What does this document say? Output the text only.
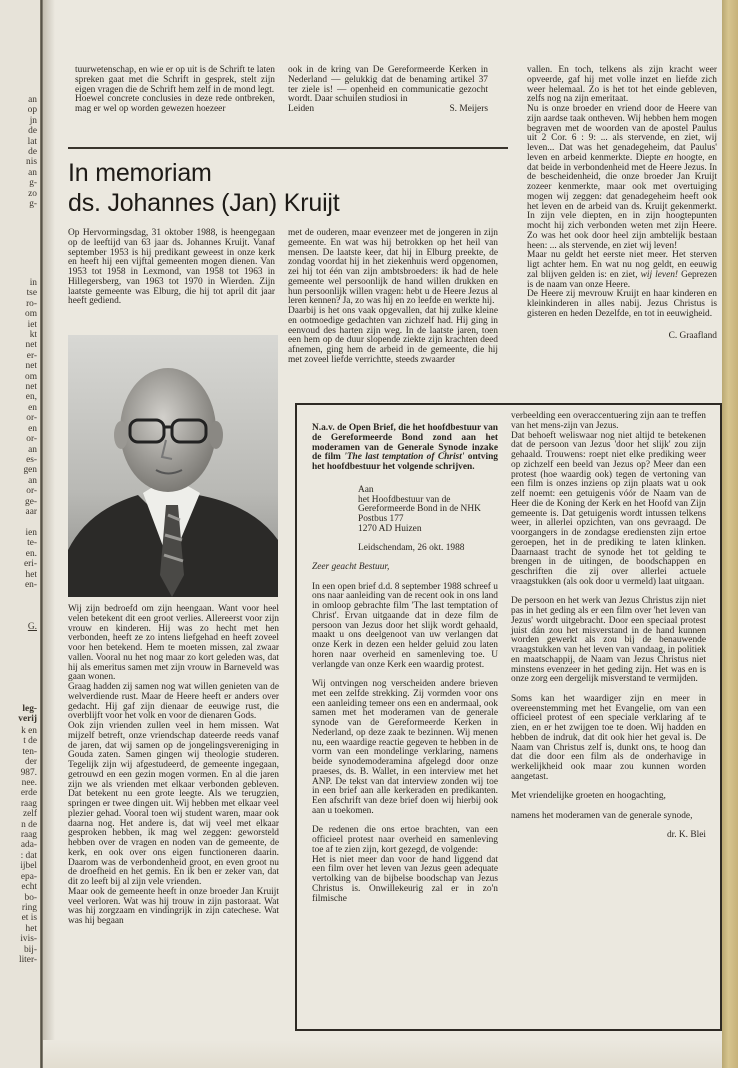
an
op
jn
de
lat
de
nis
an
g-
zo
g-
in
tse
ro-
om
iet
kt
net
er-
net
om
net
en,
en
or-
en
or-
an
es-
gen
an
or-
ge-
aar
ien
te-
en.
eri-
het
en-
G.
leg-
verij
k en
t de
ten-
der
987.
nee.
erde
raag
zelf
n de
raag
ada-
: dat
ijbel
epa-
echt
bo-
ring
et is
het
ivis-
bij-
liter-

tuurwetenschap, en wie er op uit is de Schrift te laten spreken gaat met die Schrift in gesprek, stelt zijn eigen vragen die de Schrift hem zelf in de mond legt.

Hoewel concrete conclusies in deze rede ontbreken, mag er wel op worden gewezen hoezeer

ook in de kring van De Gereformeerde Kerken in Nederland — gelukkig dat de benaming artikel 37 ter ziele is! — openheid en communicatie gezocht wordt. Daar schuilen studiosi in

Leiden	S. Meijers
In memoriam
ds. Johannes (Jan) Kruijt

Op Hervormingsdag, 31 oktober 1988, is heengegaan op de leeftijd van 63 jaar ds. Johannes Kruijt. Vanaf september 1953 is hij predikant geweest in onze kerk en heeft hij een vijftal gemeenten mogen dienen. Van 1953 tot 1958 in Lexmond, van 1958 tot 1963 in Hillegersberg, van 1963 tot 1970 in Wierden. Zijn laatste gemeente was Elburg, die hij tot april dit jaar heeft gediend.

Wij zijn bedroefd om zijn heengaan. Want voor heel velen betekent dit een groot verlies. Allereerst voor zijn vrouw en kinderen. Hij was zo hecht met hen verbonden, heeft ze zo intens liefgehad en heeft zoveel voor hen betekend. Hem te moeten missen, zal zwaar vallen. Vooral nu het nog maar zo kort geleden was, dat hij als emeritus samen met zijn vrouw in Barneveld was gaan wonen.

Graag hadden zij samen nog wat willen genieten van de welverdiende rust. Maar de Heere heeft er anders over gedacht. Hij gaf zijn dienaar de eeuwige rust, die overblijft voor het volk en voor de dienaren Gods.

Ook zijn vrienden zullen veel in hem missen. Wat mijzelf betreft, onze vriendschap dateerde reeds vanaf de jaren, dat wij samen op de jongelingsvereniging in Gouda zaten. Samen gingen wij theologie studeren. Tegelijk zijn wij afgestudeerd, de gemeente ingegaan, getrouwd en een gezin mogen vormen. En al die jaren zijn we als vrienden met elkaar verbonden gebleven. Dat betekent nu een grote leegte. Als we terugzien, springen er twee dingen uit. Wij hebben met elkaar veel plezier gehad. Vooral toen wij student waren, maar ook daarna nog. Het andere is, dat wij veel met elkaar gesproken hebben, ik mag wel zeggen: geworsteld hebben over de vragen en noden van de gemeente, de kerk, en ook over ons eigen functioneren daarin. Daarom was de verbondenheid groot, en even groot nu de droefheid en het gemis. En ik ben er zeker van, dat dit zo leeft bij al zijn vele vrienden.

Maar ook de gemeente heeft in onze broeder Jan Kruijt veel verloren. Wat was hij trouw in zijn pastoraat. Wat was hij zorgzaam en vindingrijk in zijn catechese. Wat was hij begaan

met de ouderen, maar evenzeer met de jongeren in zijn gemeente. En wat was hij betrokken op het heil van mensen. De laatste keer, dat hij in Elburg preekte, de zondag voordat hij in het ziekenhuis werd opgenomen, zei hij tot één van zijn ambtsbroeders: ik had de hele gemeente wel persoonlijk de hand willen drukken en hun persoonlijk willen vragen: hebt u de Heere Jezus al leren kennen? Ja, zo was hij en zo leefde en werkte hij.

Daarbij is het ons vaak opgevallen, dat hij zulke kleine en ootmoedige gedachten van zichzelf had. Hij ging in eenvoud des harten zijn weg. In de laatste jaren, toen een hem op de duur slopende ziekte zijn krachten deed afnemen, ging hem de arbeid in de gemeente, die hij met zoveel liefde verrichtte, steeds zwaarder

vallen. En toch, telkens als zijn kracht weer opveerde, gaf hij met volle inzet en liefde zich weer helemaal. Zo is het tot het einde gebleven, zelfs nog na zijn emeritaat.

Nu is onze broeder en vriend door de Heere van zijn aardse taak ontheven. Wij hebben hem mogen begraven met de woorden van de apostel Paulus uit 2 Cor. 6 : 9: ... als stervende, en ziet, wij leven... Dat was het genadegeheim, dat Paulus' leven en arbeid kenmerkte. Diepte en hoogte, en dat beide in verbondenheid met de Heere Jezus. In de bescheidenheid, die onze broeder Jan Kruijt zozeer kenmerkte, maar ook met overtuiging mogen wij zeggen: dat genadegeheim heeft ook het leven en de arbeid van ds. Kruijt gekenmerkt. In zijn vele diepten, en in zijn hoogtepunten mocht hij zich verbonden weten met zijn Heere. Zo was het ook door heel zijn ambtelijk bestaan heen: ... als stervende, en ziet wij leven!

Maar nu geldt het eerste niet meer. Het sterven ligt achter hem. En wat nu nog geldt, en eeuwig zal blijven gelden is: en ziet, wij leven! Geprezen is de naam van onze Heere.

De Heere zij mevrouw Kruijt en haar kinderen en kleinkinderen in alles nabij. Jezus Christus is gisteren en heden Dezelfde, en tot in eeuwigheid.

C. Graafland

N.a.v. de Open Brief, die het hoofdbestuur van de Gereformeerde Bond zond aan het moderamen van de Generale Synode inzake de film 'The last temptation of Christ' ontving het hoofdbestuur het volgende schrijven.

Aan
het Hoofdbestuur van de
Gereformeerde Bond in de NHK
Postbus 177
1270 AD Huizen

Leidschendam, 26 okt. 1988

Zeer geacht Bestuur,

In een open brief d.d. 8 september 1988 schreef u ons naar aanleiding van de recent ook in ons land in omloop gebrachte film 'The last temptation of Christ'. Ervan uitgaande dat in deze film de persoon van Jezus door het slijk wordt gehaald, maakt u ons deelgenoot van uw verlangen dat onze Kerk in dezen een helder geluid zou laten horen naar overheid en samenleving toe. U verlangde van onze Kerk een waardig protest.

Wij ontvingen nog verscheiden andere brieven met een zelfde strekking. Zij vormden voor ons een aanleiding temeer ons een en andermaal, ook samen met het moderamen van de generale synode van de Gereformeerde Kerken in Nederland, op deze zaak te bezinnen. Wij menen nu, een waardige reactie gegeven te hebben in de vorm van een mondelinge verklaring, namens beide synodemoderamina afgelegd door onze praeses, ds. B. Wallet, in een interview met het ANP. De tekst van dat interview zonden wij toe in een brief aan alle kerkeraden en predikanten. Een afschrift van deze brief doen wij hierbij ook aan u toekomen.

De redenen die ons ertoe brachten, van een officieel protest naar overheid en samenleving toe af te zien zijn, kort gezegd, de volgende:

Het is niet meer dan voor de hand liggend dat een film over het leven van Jezus geen adequate vertolking van de bijbelse boodschap van Jezus Christus is. Onwillekeurig zal er in zo'n filmische

verbeelding een overaccentuering zijn aan te treffen van het mens-zijn van Jezus.

Dat behoeft weliswaar nog niet altijd te betekenen dat de persoon van Jezus 'door het slijk' zou zijn gehaald. Trouwens: roept niet elke prediking weer op zichzelf een beeld van Jezus op? Meer dan een protest (hoe waardig ook) tegen de vertoning van een film is onzes inziens op zijn plaats wat u ook zelf noemt: een getuigenis vóór de Naam van de Heer die de Koning der Kerk en het Hoofd van Zijn gemeente is. Dat getuigenis wordt intussen telkens weer, in allerlei opzichten, van ons gevraagd. De voorgangers in de zondagse erediensten zijn ertoe geroepen, het in de prediking te laten klinken. Daarnaast tracht de synode het tot gelding te brengen in de uitingen, de boodschappen en geschriften die zij over allerlei actuele vraagstukken (als ook door u vermeld) laat uitgaan.

De persoon en het werk van Jezus Christus zijn niet pas in het geding als er een film over 'het leven van Jezus' wordt uitgebracht. Door een speciaal protest juist dán zou het misverstand in de hand kunnen worden gewerkt als zou bij de benauwende vraagstukken van het leven van vandaag, in politiek en maatschappij, de Naam van Jezus Christus niet minstens evenzeer in het geding zijn. Het was en is onze zorg een dergelijk misverstand te vermijden.

Soms kan het waardiger zijn en meer in overeenstemming met het Evangelie, om van een officieel protest of een speciale verklaring af te zien, en er het zwijgen toe te doen. Wij hadden en hebben de indruk, dat dit ook hier het geval is. De Naam van Christus zelf is, dunkt ons, te hoog dan dat die door een film als de onderhavige in werkelijkheid ook maar zou kunnen worden aangetast.

Met vriendelijke groeten en hoogachting,

namens het moderamen van de generale synode,

dr. K. Blei
